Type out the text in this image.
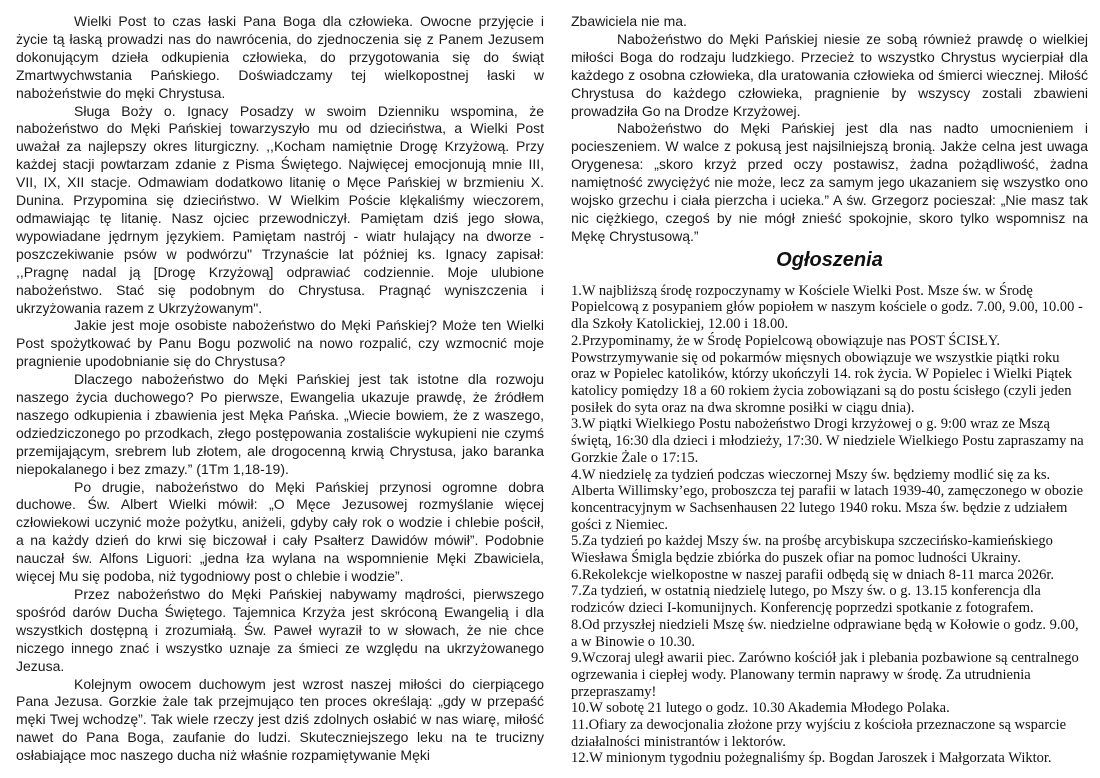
Wielki Post to czas łaski Pana Boga dla człowieka. Owocne przyjęcie i życie tą łaską prowadzi nas do nawrócenia, do zjednoczenia się z Panem Jezusem dokonującym dzieła odkupienia człowieka, do przygotowania się do świąt Zmartwychwstania Pańskiego. Doświadczamy tej wielkopostnej łaski w nabożeństwie do męki Chrystusa.

Sługa Boży o. Ignacy Posadzy w swoim Dzienniku wspomina, że nabożeństwo do Męki Pańskiej towarzyszyło mu od dzieciństwa, a Wielki Post uważał za najlepszy okres liturgiczny. ,,Kocham namiętnie Drogę Krzyżową. Przy każdej stacji powtarzam zdanie z Pisma Świętego. Najwięcej emocjonują mnie III, VII, IX, XII stacje. Odmawiam dodatkowo litanię o Męce Pańskiej w brzmieniu X. Dunina. Przypomina się dzieciństwo. W Wielkim Poście klękaliśmy wieczorem, odmawiając tę litanię. Nasz ojciec przewodniczył. Pamiętam dziś jego słowa, wypowiadane jędrnym językiem. Pamiętam nastrój - wiatr hulający na dworze - poszczekiwanie psów w podwórzu" Trzynaście lat później ks. Ignacy zapisał: ,,Pragnę nadal ją [Drogę Krzyżową] odprawiać codziennie. Moje ulubione nabożeństwo. Stać się podobnym do Chrystusa. Pragnąć wyniszczenia i ukrzyżowania razem z Ukrzyżowanym".

Jakie jest moje osobiste nabożeństwo do Męki Pańskiej? Może ten Wielki Post spożytkować by Panu Bogu pozwolić na nowo rozpalić, czy wzmocnić moje pragnienie upodobnianie się do Chrystusa?

Dlaczego nabożeństwo do Męki Pańskiej jest tak istotne dla rozwoju naszego życia duchowego? Po pierwsze, Ewangelia ukazuje prawdę, że źródłem naszego odkupienia i zbawienia jest Męka Pańska. „Wiecie bowiem, że z waszego, odziedziczonego po przodkach, złego postępowania zostaliście wykupieni nie czymś przemijającym, srebrem lub złotem, ale drogocenną krwią Chrystusa, jako baranka niepokalanego i bez zmazy.” (1Tm 1,18-19).

Po drugie, nabożeństwo do Męki Pańskiej przynosi ogromne dobra duchowe. Św. Albert Wielki mówił: „O Męce Jezusowej rozmyślanie więcej człowiekowi uczynić może pożytku, aniżeli, gdyby cały rok o wodzie i chlebie pościł, a na każdy dzień do krwi się biczował i cały Psałterz Dawidów mówił”. Podobnie nauczał św. Alfons Liguori: „jedna łza wylana na wspomnienie Męki Zbawiciela, więcej Mu się podoba, niż tygodniowy post o chlebie i wodzie”.

Przez nabożeństwo do Męki Pańskiej nabywamy mądrości, pierwszego spośród darów Ducha Świętego. Tajemnica Krzyża jest skróconą Ewangelią i dla wszystkich dostępną i zrozumiałą. Św. Paweł wyraził to w słowach, że nie chce niczego innego znać i wszystko uznaje za śmieci ze względu na ukrzyżowanego Jezusa.

Kolejnym owocem duchowym jest wzrost naszej miłości do cierpiącego Pana Jezusa. Gorzkie żale tak przejmująco ten proces określają: „gdy w przepaść męki Twej wchodzę”. Tak wiele rzeczy jest dziś zdolnych osłabić w nas wiarę, miłość nawet do Pana Boga, zaufanie do ludzi. Skuteczniejszego leku na te trucizny osłabiające moc naszego ducha niż właśnie rozpamiętywanie Męki

Zbawiciela nie ma.

Nabożeństwo do Męki Pańskiej niesie ze sobą również prawdę o wielkiej miłości Boga do rodzaju ludzkiego. Przecież to wszystko Chrystus wycierpiał dla każdego z osobna człowieka, dla uratowania człowieka od śmierci wiecznej. Miłość Chrystusa do każdego człowieka, pragnienie by wszyscy zostali zbawieni prowadziła Go na Drodze Krzyżowej.

Nabożeństwo do Męki Pańskiej jest dla nas nadto umocnieniem i pocieszeniem. W walce z pokusą jest najsilniejszą bronią. Jakże celna jest uwaga Orygenesa: „skoro krzyż przed oczy postawisz, żadna pożądliwość, żadna namiętność zwyciężyć nie może, lecz za samym jego ukazaniem się wszystko ono wojsko grzechu i ciała pierzcha i ucieka.” A św. Grzegorz pocieszał: „Nie masz tak nic ciężkiego, czegoś by nie mógł znieść spokojnie, skoro tylko wspomnisz na Mękę Chrystusową.”

Ogłoszenia

1.W najbliższą środę rozpoczynamy w Kościele Wielki Post. Msze św. w Środę Popielcową z posypaniem głów popiołem w naszym kościele o godz. 7.00, 9.00, 10.00 - dla Szkoły Katolickiej, 12.00 i 18.00.

2.Przypominamy, że w Środę Popielcową obowiązuje nas POST ŚCISŁY. Powstrzymywanie się od pokarmów mięsnych obowiązuje we wszystkie piątki roku oraz w Popielec katolików, którzy ukończyli 14. rok życia. W Popielec i Wielki Piątek katolicy pomiędzy 18 a 60 rokiem życia zobowiązani są do postu ścisłego (czyli jeden posiłek do syta oraz na dwa skromne posiłki w ciągu dnia).

3.W piątki Wielkiego Postu nabożeństwo Drogi krzyżowej o g. 9:00 wraz ze Mszą świętą, 16:30 dla dzieci i młodzieży, 17:30. W niedziele Wielkiego Postu zapraszamy na Gorzkie Żale o 17:15.

4.W niedzielę za tydzień podczas wieczornej Mszy św. będziemy modlić się za ks. Alberta Willimsky’ego, proboszcza tej parafii w latach 1939-40, zamęczonego w obozie koncentracyjnym w Sachsenhausen 22 lutego 1940 roku. Msza św. będzie z udziałem gości z Niemiec.

5.Za tydzień po każdej Mszy św. na prośbę arcybiskupa szczecińsko-kamieńskiego Wiesława Śmigla będzie zbiórka do puszek ofiar na pomoc ludności Ukrainy.

6.Rekolekcje wielkopostne w naszej parafii odbędą się w dniach 8-11 marca 2026r.

7.Za tydzień, w ostatnią niedzielę lutego, po Mszy św. o g. 13.15 konferencja dla rodziców dzieci I-komunijnych. Konferencję poprzedzi spotkanie z fotografem.

8.Od przyszłej niedzieli Mszę św. niedzielne odprawiane będą w Kołowie o godz. 9.00, a w Binowie o 10.30.

9.Wczoraj uległ awarii piec. Zarówno kościół jak i plebania pozbawione są centralnego ogrzewania i ciepłej wody. Planowany termin naprawy w środę. Za utrudnienia przepraszamy!

10.W sobotę 21 lutego o godz. 10.30 Akademia Młodego Polaka.

11.Ofiary za dewocjonalia złożone przy wyjściu z kościoła przeznaczone są wsparcie działalności ministrantów i lektorów.

12.W minionym tygodniu pożegnaliśmy śp. Bogdan Jaroszek i Małgorzata Wiktor.
